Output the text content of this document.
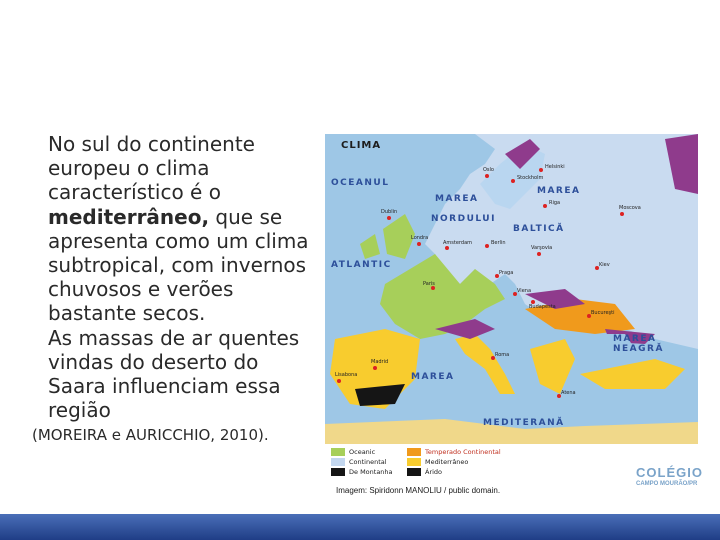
No sul do continente europeu o clima característico é o mediterrâneo, que se apresenta como um clima subtropical, com invernos chuvosos e verões bastante secos.

As massas de ar quentes vindas do deserto do Saara influenciam essa região

(MOREIRA e AURICCHIO, 2010).
CLIMA
OCEANUL
ATLANTIC
MAREA
NORDULUI
MAREA
BALTICĂ
MAREA NEAGRĂ
MAREA
MEDITERANĂ
Helsinki
Stockholm
Oslo
Riga
Moscova
Dublin
Londra
Amsterdam	Berlin
Varşovia
Kiev
Paris
Praga
Viena
Budapesta
Bucureşti
Roma
Lisabona
Madrid
Atena
Oceanic
Continental
De Montanha
Temperado Continental
Mediterrâneo
Árido
Imagem: Spiridonn MANOLIU / public domain.
COLÉGIO
CAMPO MOURÃO/PR
